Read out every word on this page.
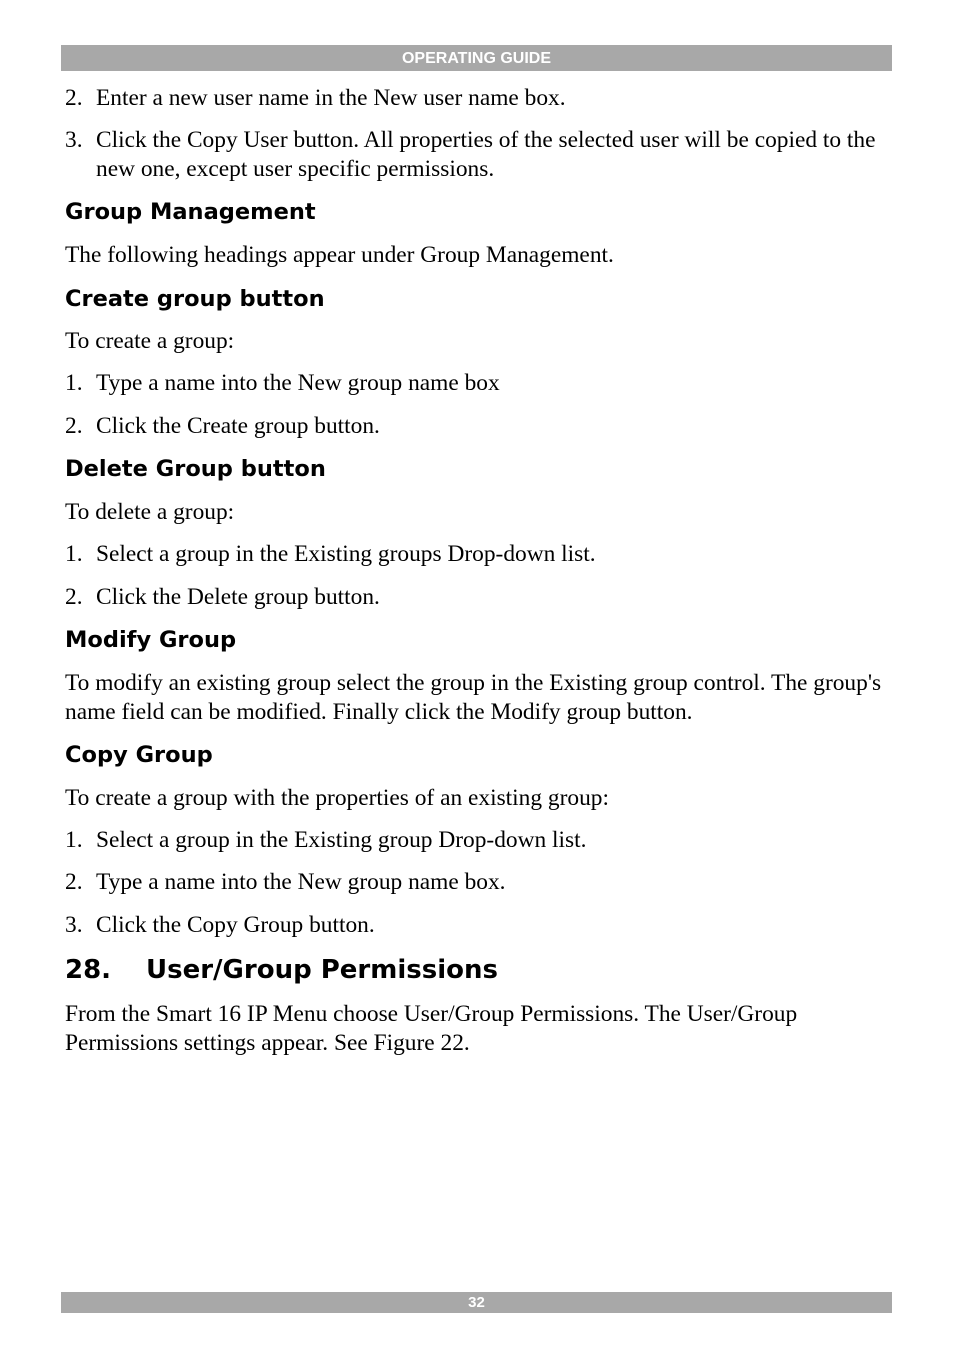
OPERATING GUIDE
2. Enter a new user name in the New user name box.
3. Click the Copy User button. All properties of the selected user will be copied to the new one, except user specific permissions.
Group Management

The following headings appear under Group Management.

Create group button

To create a group:

1. Type a name into the New group name box
2. Click the Create group button.
Delete Group button

To delete a group:

1. Select a group in the Existing groups Drop-down list.
2. Click the Delete group button.
Modify Group

To modify an existing group select the group in the Existing group control. The group's name field can be modified. Finally click the Modify group button.

Copy Group

To create a group with the properties of an existing group:

1. Select a group in the Existing group Drop-down list.
2. Type a name into the New group name box.
3. Click the Copy Group button.
28.	User/Group Permissions

From the Smart 16 IP Menu choose User/Group Permissions. The User/Group Permissions settings appear. See Figure 22.

32
